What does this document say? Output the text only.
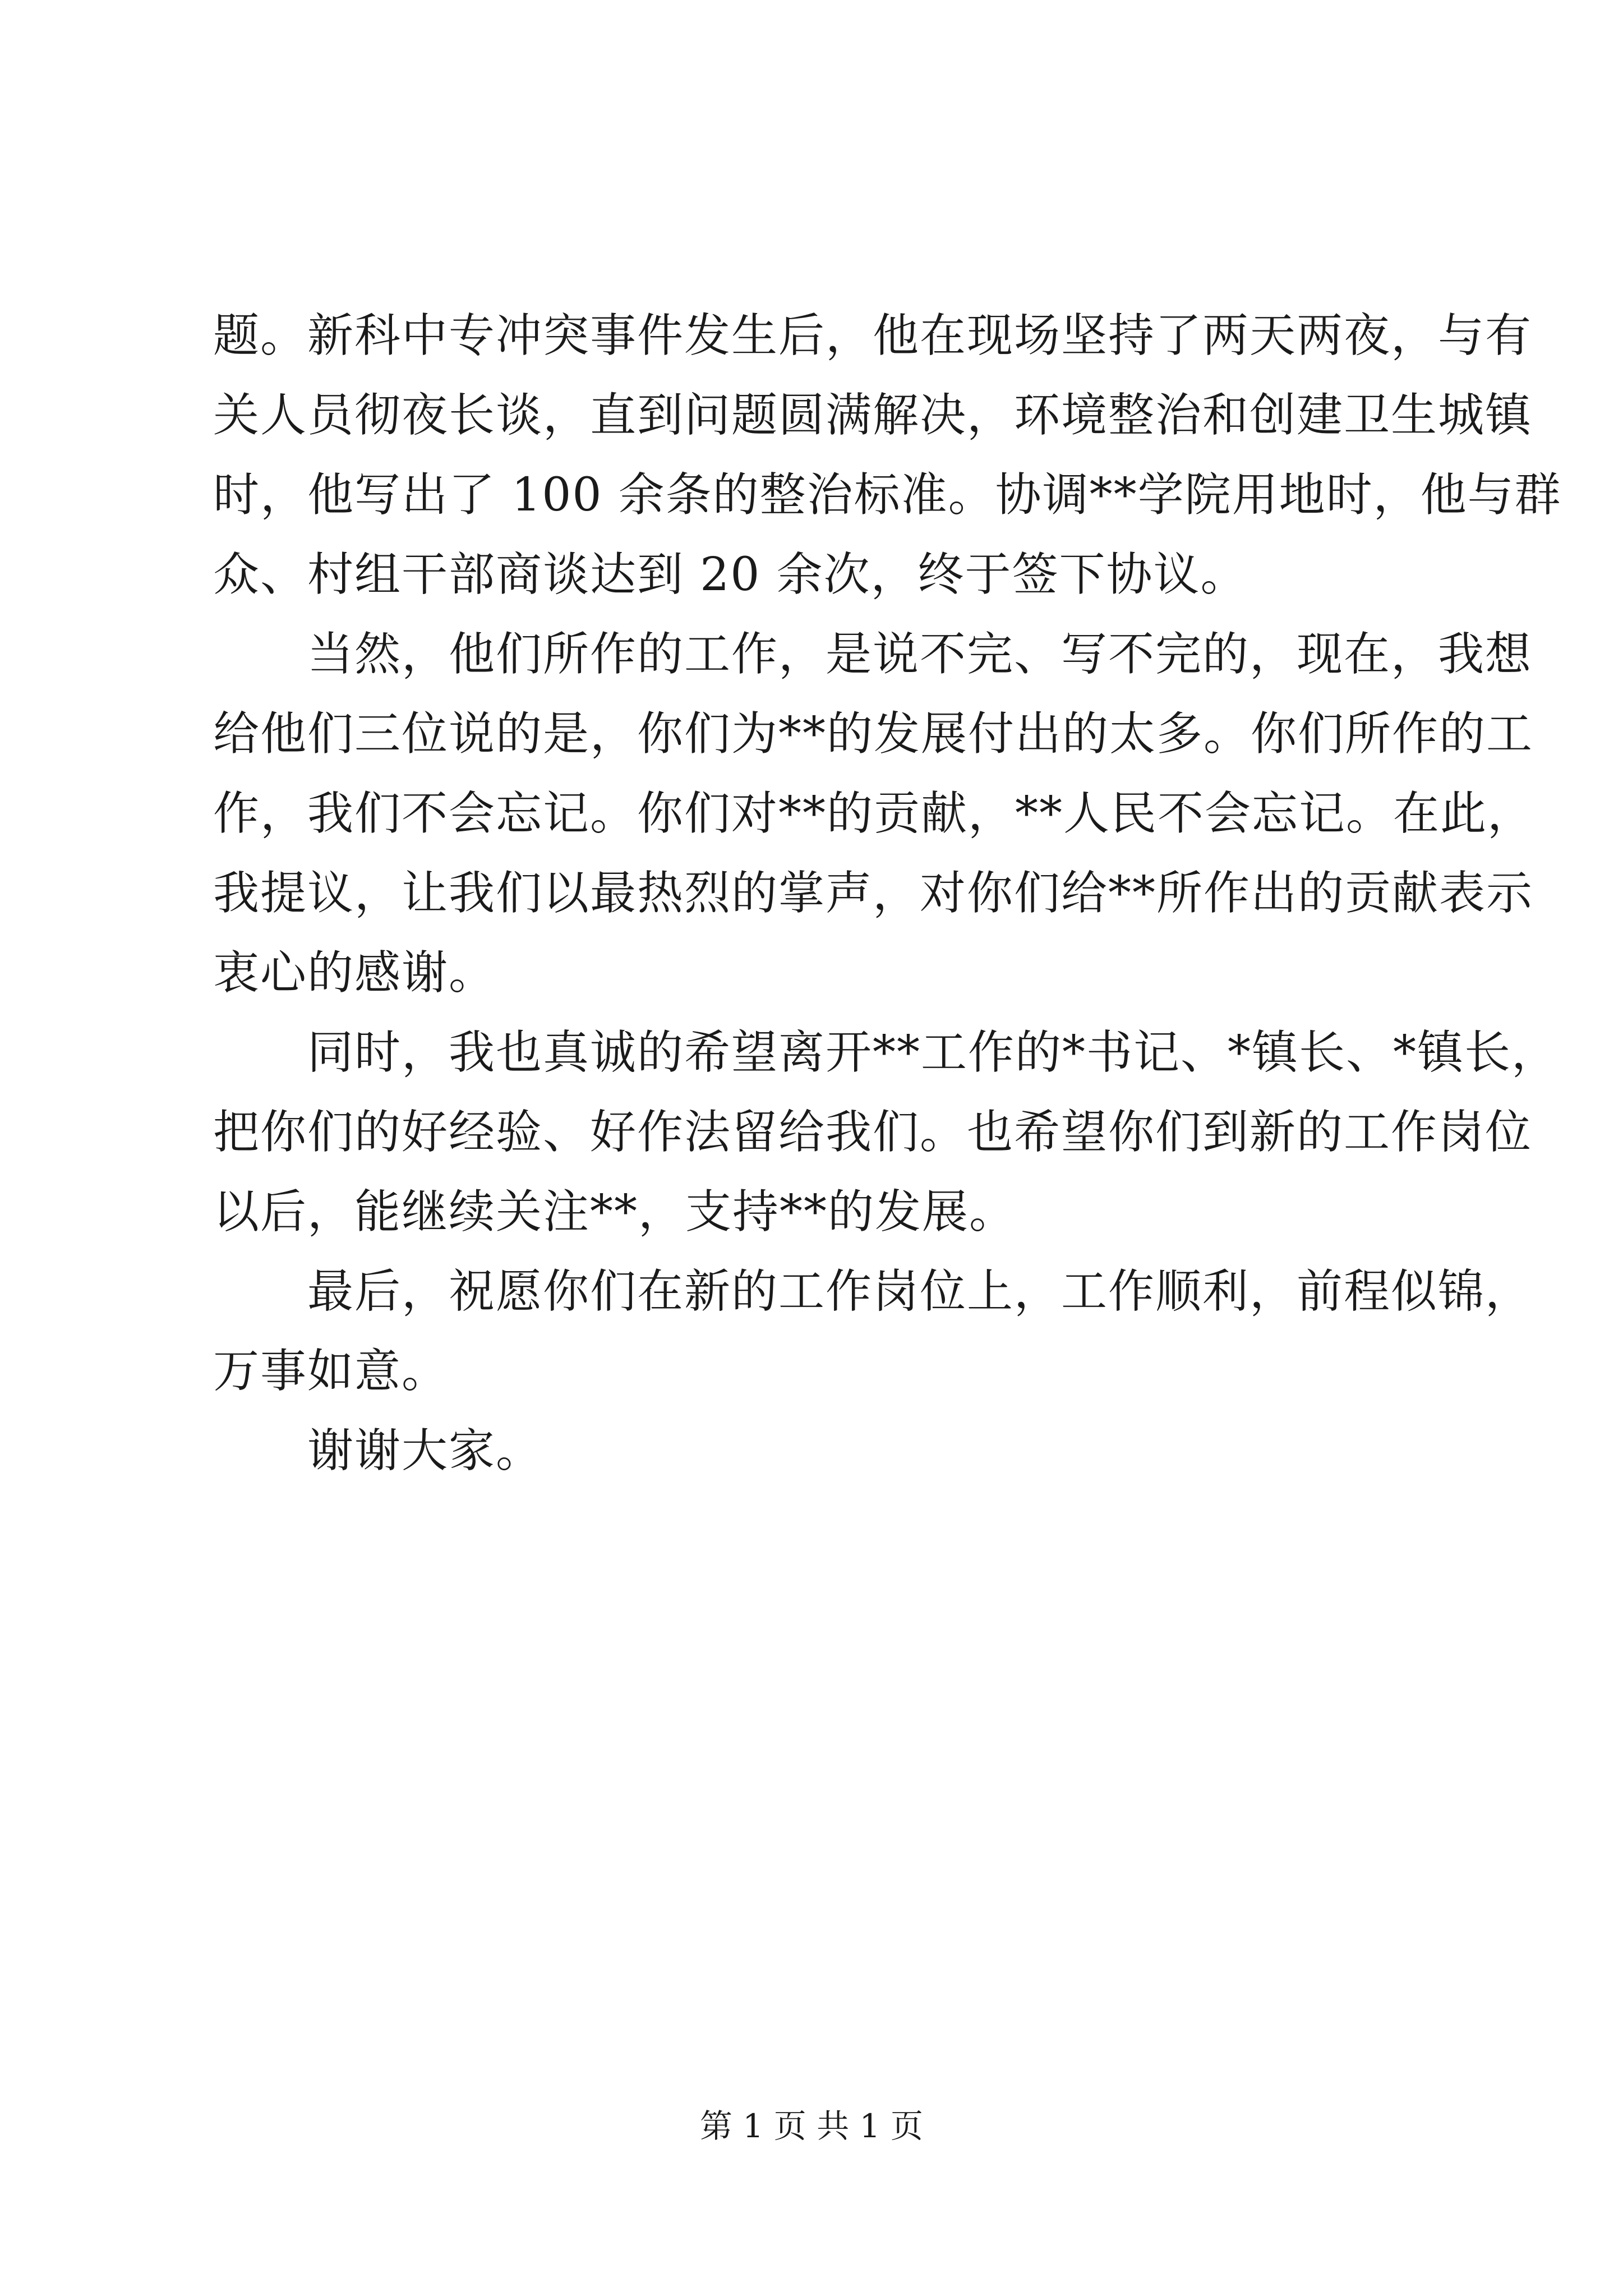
题。新科中专冲突事件发生后，他在现场坚持了两天两夜，与有
关人员彻夜长谈，直到问题圆满解决，环境整治和创建卫生城镇
时，他写出了 100 余条的整治标准。协调**学院用地时，他与群
众、村组干部商谈达到 20 余次，终于签下协议。
　　当然，他们所作的工作，是说不完、写不完的，现在，我想
给他们三位说的是，你们为**的发展付出的太多。你们所作的工
作，我们不会忘记。你们对**的贡献，**人民不会忘记。在此，
我提议，让我们以最热烈的掌声，对你们给**所作出的贡献表示
衷心的感谢。
　　同时，我也真诚的希望离开**工作的*书记、*镇长、*镇长，
把你们的好经验、好作法留给我们。也希望你们到新的工作岗位
以后，能继续关注**，支持**的发展。
　　最后，祝愿你们在新的工作岗位上，工作顺利，前程似锦，
万事如意。
　　谢谢大家。
第 1 页 共 1 页
